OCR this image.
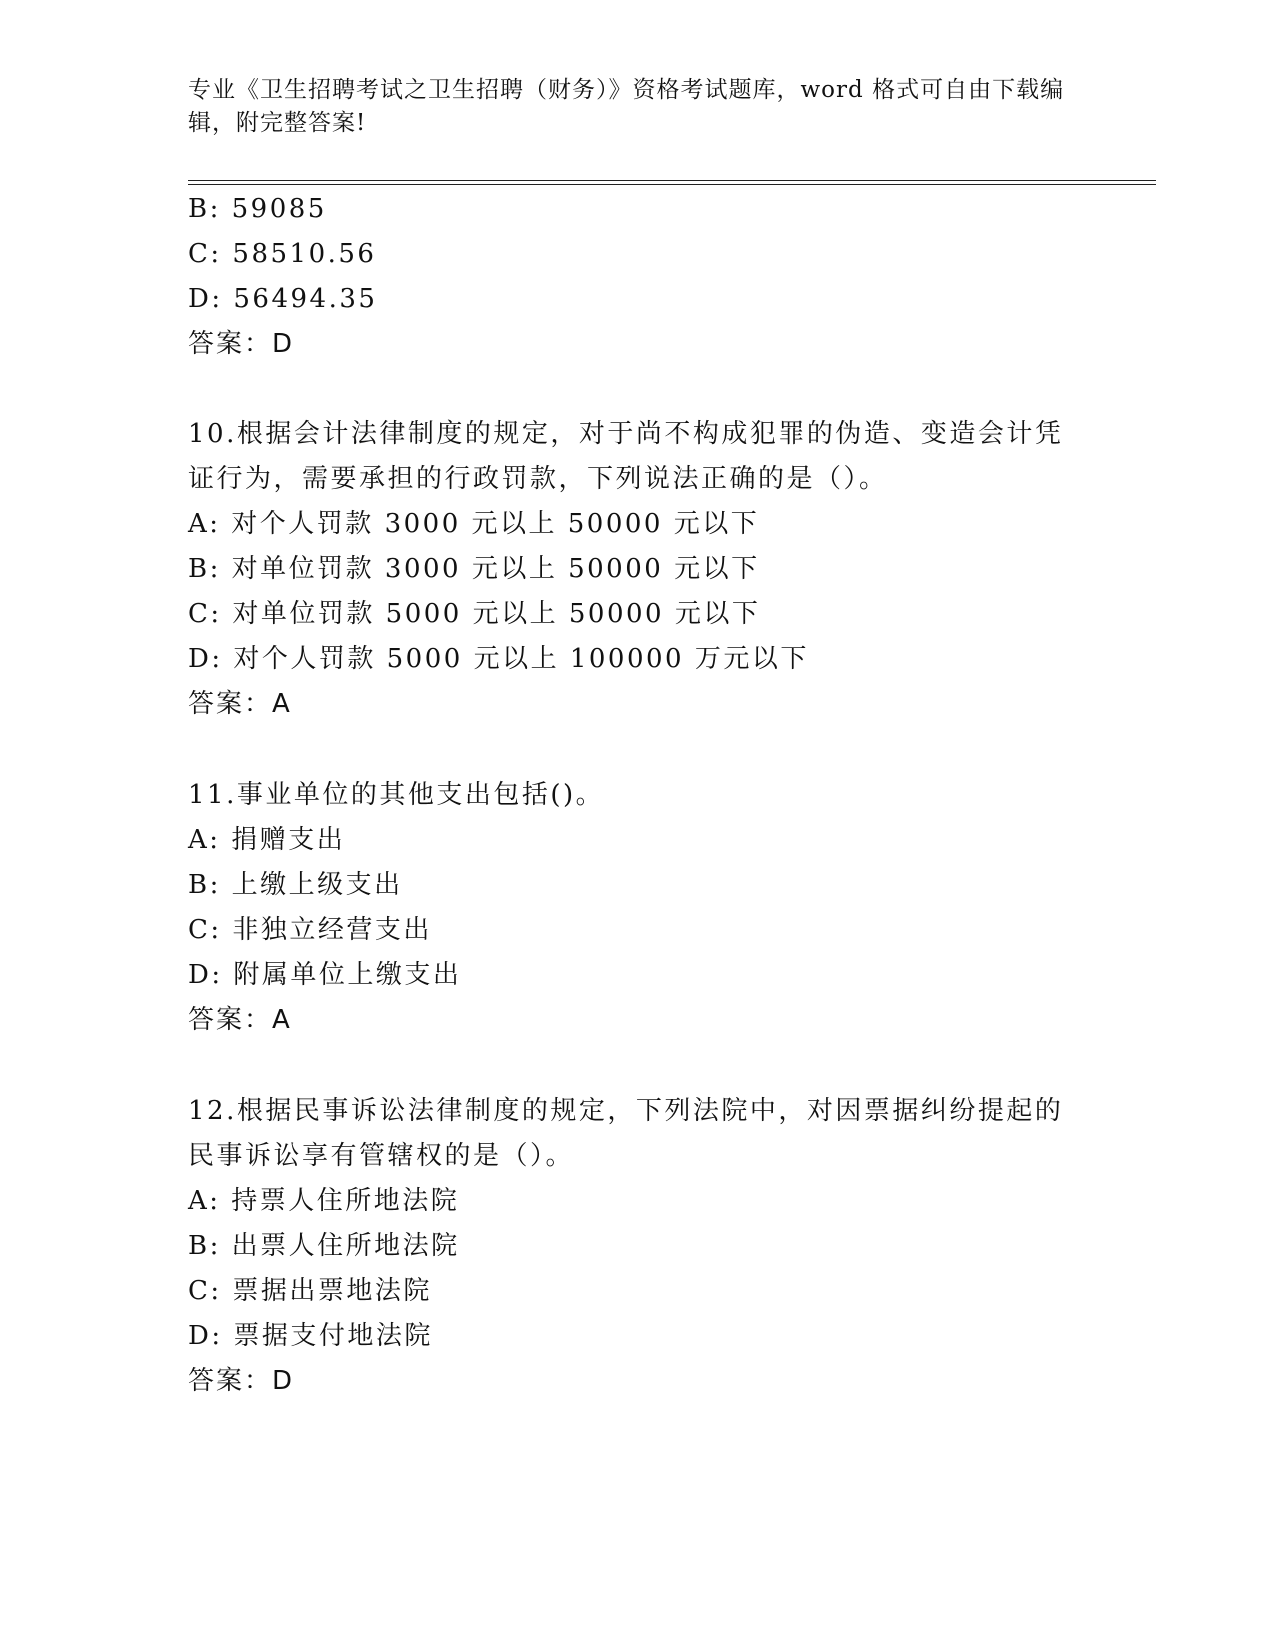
专业《卫生招聘考试之卫生招聘（财务）》资格考试题库，word 格式可自由下载编辑，附完整答案!
B: 59085
C: 58510.56
D: 56494.35
答案：D
10.根据会计法律制度的规定，对于尚不构成犯罪的伪造、变造会计凭
证行为，需要承担的行政罚款，下列说法正确的是（）。
A: 对个人罚款 3000 元以上 50000 元以下
B: 对单位罚款 3000 元以上 50000 元以下
C: 对单位罚款 5000 元以上 50000 元以下
D: 对个人罚款 5000 元以上 100000 万元以下
答案：A
11.事业单位的其他支出包括()。
A: 捐赠支出
B: 上缴上级支出
C: 非独立经营支出
D: 附属单位上缴支出
答案：A
12.根据民事诉讼法律制度的规定，下列法院中，对因票据纠纷提起的
民事诉讼享有管辖权的是（）。
A: 持票人住所地法院
B: 出票人住所地法院
C: 票据出票地法院
D: 票据支付地法院
答案：D
